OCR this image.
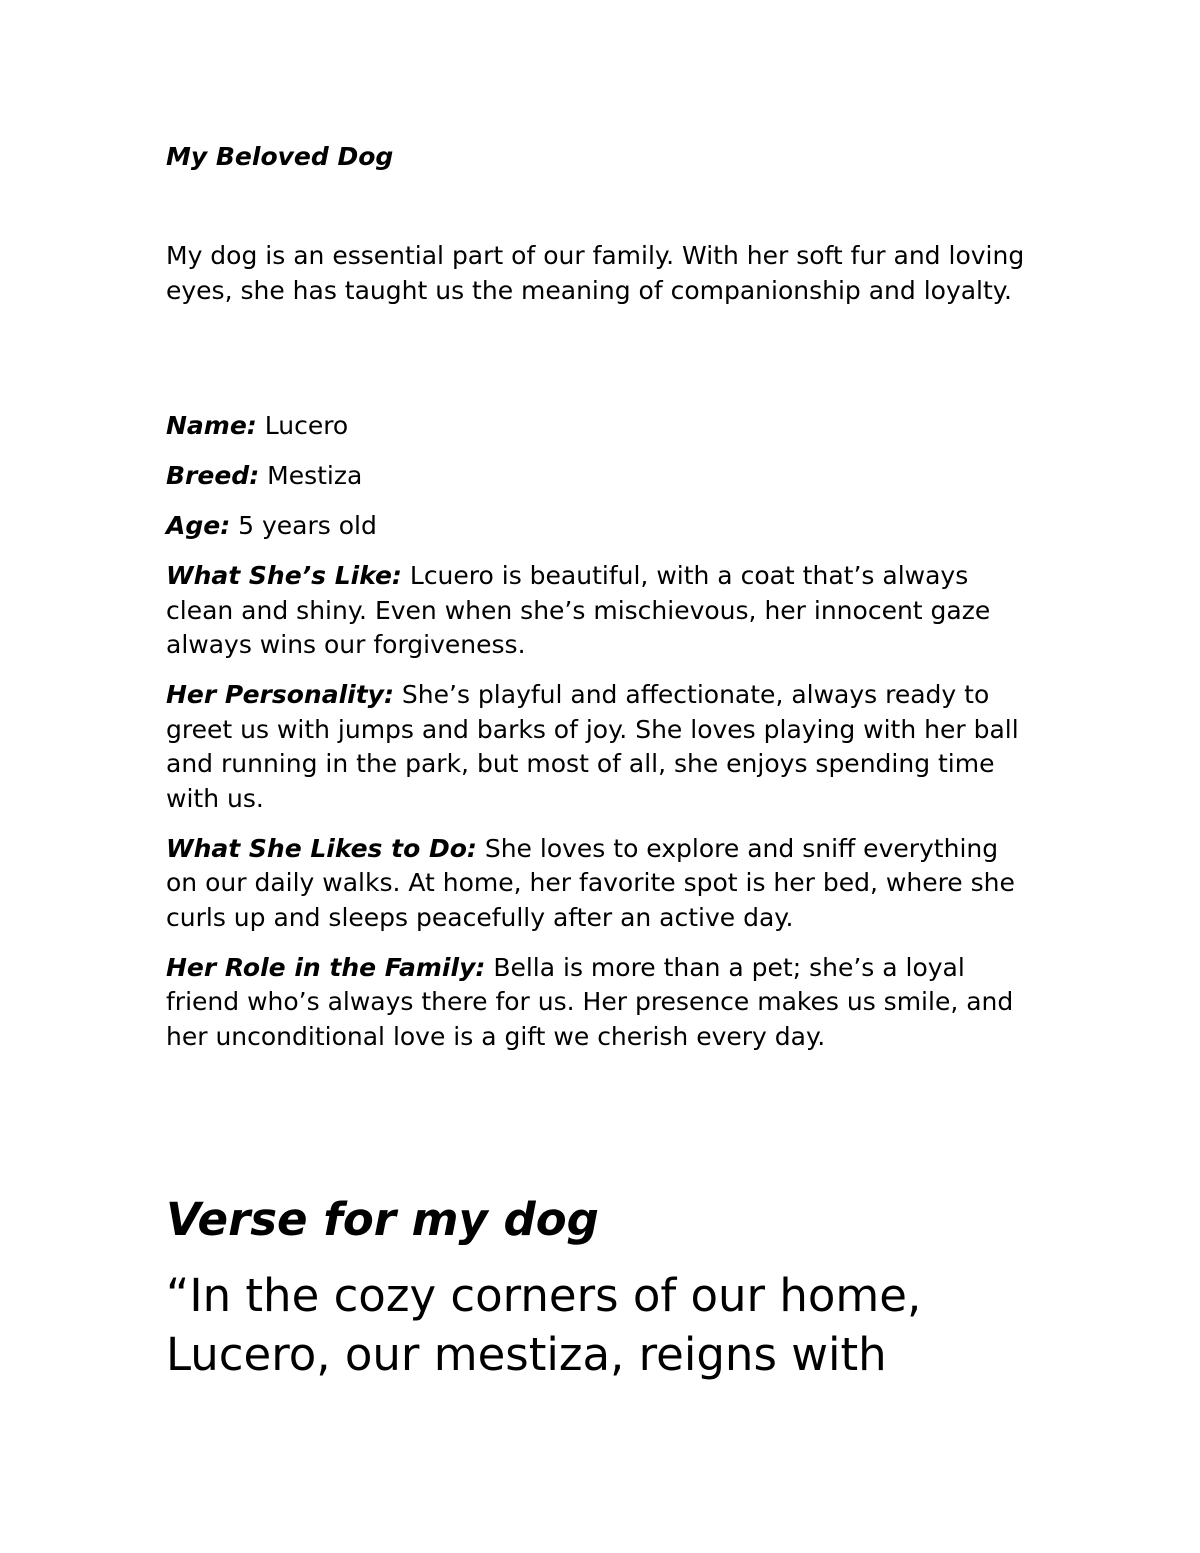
My Beloved Dog

My dog is an essential part of our family. With her soft fur and loving eyes, she has taught us the meaning of companionship and loyalty.

Name: Lucero

Breed: Mestiza

Age: 5 years old

What She’s Like: Lcuero is beautiful, with a coat that’s always clean and shiny. Even when she’s mischievous, her innocent gaze always wins our forgiveness.

Her Personality: She’s playful and affectionate, always ready to greet us with jumps and barks of joy. She loves playing with her ball and running in the park, but most of all, she enjoys spending time with us.

What She Likes to Do: She loves to explore and sniff everything on our daily walks. At home, her favorite spot is her bed, where she curls up and sleeps peacefully after an active day.

Her Role in the Family: Bella is more than a pet; she’s a loyal friend who’s always there for us. Her presence makes us smile, and her unconditional love is a gift we cherish every day.

Verse for my dog

“In the cozy corners of our home, Lucero, our mestiza, reigns with
